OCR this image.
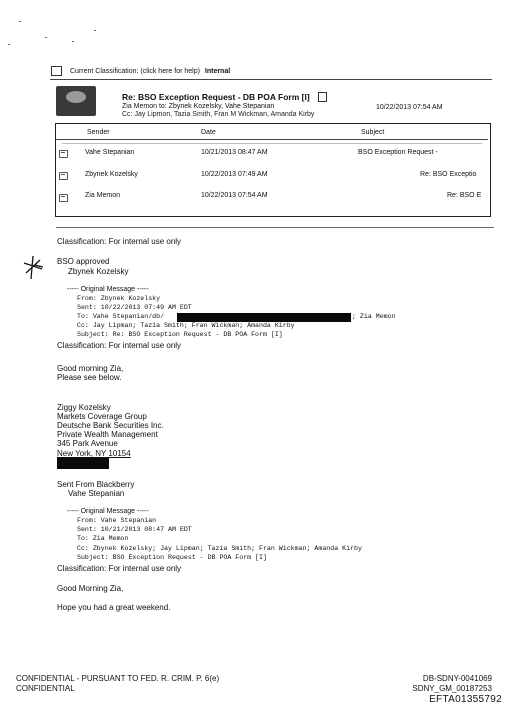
Current Classification: (click here for help) Internal
Re: BSO Exception Request - DB POA Form [I]
Zia Memon to: Zbynek Kozelsky, Vahe Stepanian
Cc: Jay Lipmon, Tazia Smith, Fran M Wickman, Amanda Kirby
10/22/2013 07:54 AM
Sender	Date	Subject
Vahe Stepanian	10/21/2013 08:47 AM	BSO Exception Request -
Zbynek Kozelsky	10/22/2013 07:49 AM	Re: BSO Exceptio
Zia Memon	10/22/2013 07:54 AM	Re: BSO E
Classification: For internal use only
BSO approved
Zbynek Kozelsky
----- Original Message -----
From: Zbynek Kozelsky
Sent: 10/22/2013 07:49 AM EDT
To: Vahe Stepanian/db/	; Zia Memon
Cc: Jay Lipman; Tazia Smith; Fran Wickman; Amanda Kirby
Subject: Re: BSO Exception Request - DB POA Form [I]
Classification: For internal use only
Good morning Zia,
Please see below.
Ziggy Kozelsky
Markets Coverage Group
Deutsche Bank Securities Inc.
Private Wealth Management
345 Park Avenue
New York, NY 10154
Sent From Blackberry
Vahe Stepanian
----- Original Message -----
From: Vahe Stepanian
Sent: 10/21/2013 08:47 AM EDT
To: Zia Memon
Cc: Zbynek Kozelsky; Jay Lipman; Tazia Smith; Fran Wickman; Amanda Kirby
Subject: BSO Exception Request - DB POA Form [I]
Classification: For internal use only
Good Morning Zia,
Hope you had a great weekend.
CONFIDENTIAL - PURSUANT TO FED. R. CRIM. P. 6(e)
CONFIDENTIAL
DB-SDNY-0041069
SDNY_GM_00187253
EFTA01355792
